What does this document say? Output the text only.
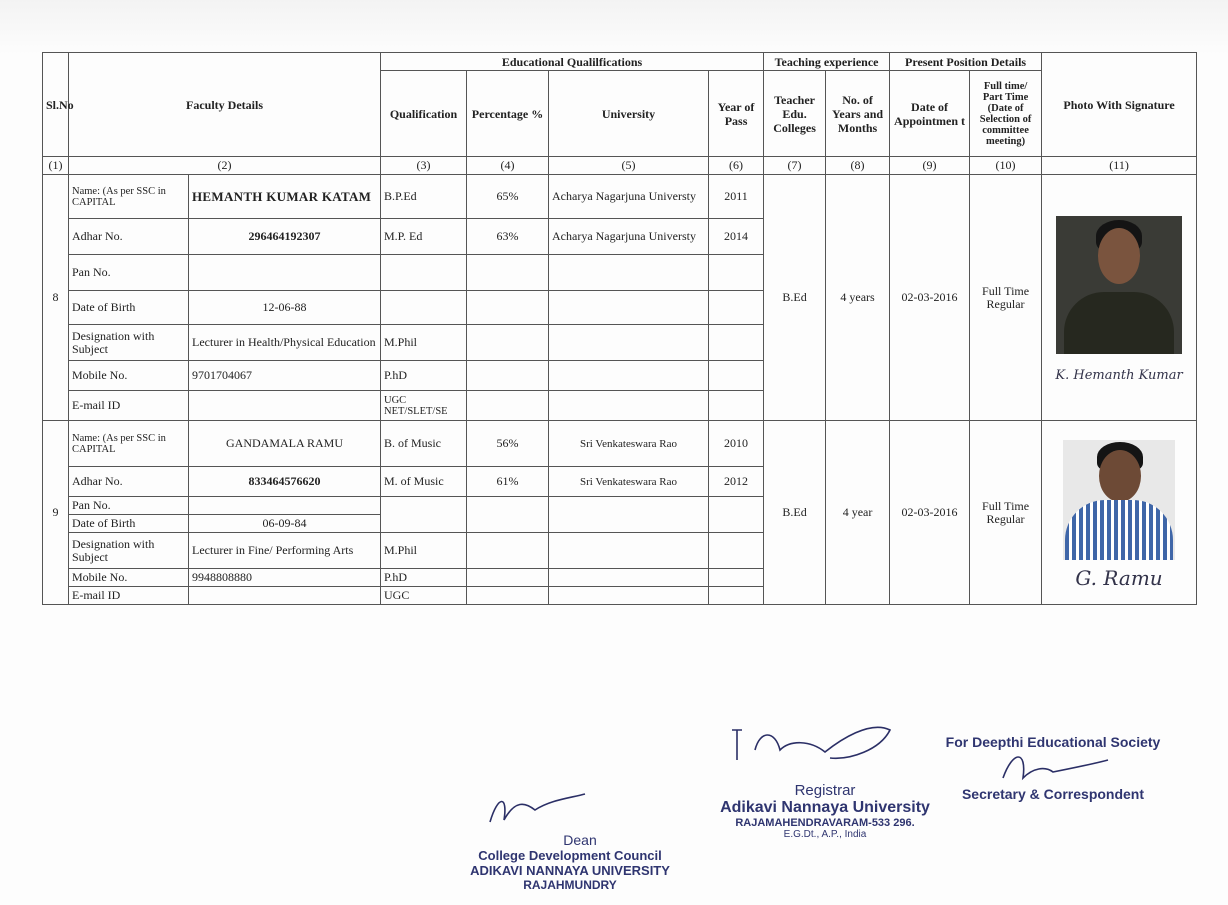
Sl.No	Faculty Details		Educational Qualilfications				Teaching experience		Present Position Details		Photo With Signature
			Qualification	Percentage %	University	Year of Pass	Teacher Edu. Colleges	No. of Years and Months	Date of Appointmen t	Full time/ Part Time (Date of Selection of committee meeting)	
(1)	(2)		(3)	(4)	(5)	(6)	(7)	(8)	(9)	(10)	(11)
8	Name: (As per SSC in CAPITAL	HEMANTH KUMAR KATAM	B.P.Ed	65%	Acharya Nagarjuna Universty	2011	B.Ed	4 years	02-03-2016	Full Time Regular	K. Hemanth Kumar

	Adhar No.	296464192307	M.P. Ed	63%	Acharya Nagarjuna Universty	2014					
	Pan No.										
	Date of Birth	12-06-88									
	Designation with Subject	Lecturer in Health/Physical Education	M.Phil								
	Mobile No.	9701704067	P.hD								
	E-mail ID		UGC NET/SLET/SE								
9	Name: (As per SSC in CAPITAL	GANDAMALA RAMU	B. of Music	56%	Sri Venkateswara Rao	2010	B.Ed	4 year	02-03-2016	Full Time Regular	G. Ramu

	Adhar No.	833464576620	M. of Music	61%	Sri Venkateswara Rao	2012					
	Pan No.										
	Date of Birth	06-09-84									
	Designation with Subject	Lecturer in Fine/ Performing Arts	M.Phil								
	Mobile No.	9948808880	P.hD								
	E-mail ID		UGC								
Dean
College Development Council
ADIKAVI NANNAYA UNIVERSITY
RAJAHMUNDRY
Registrar
Adikavi Nannaya University
RAJAMAHENDRAVARAM-533 296.
E.G.Dt., A.P., India
For Deepthi Educational Society
Secretary & Correspondent
